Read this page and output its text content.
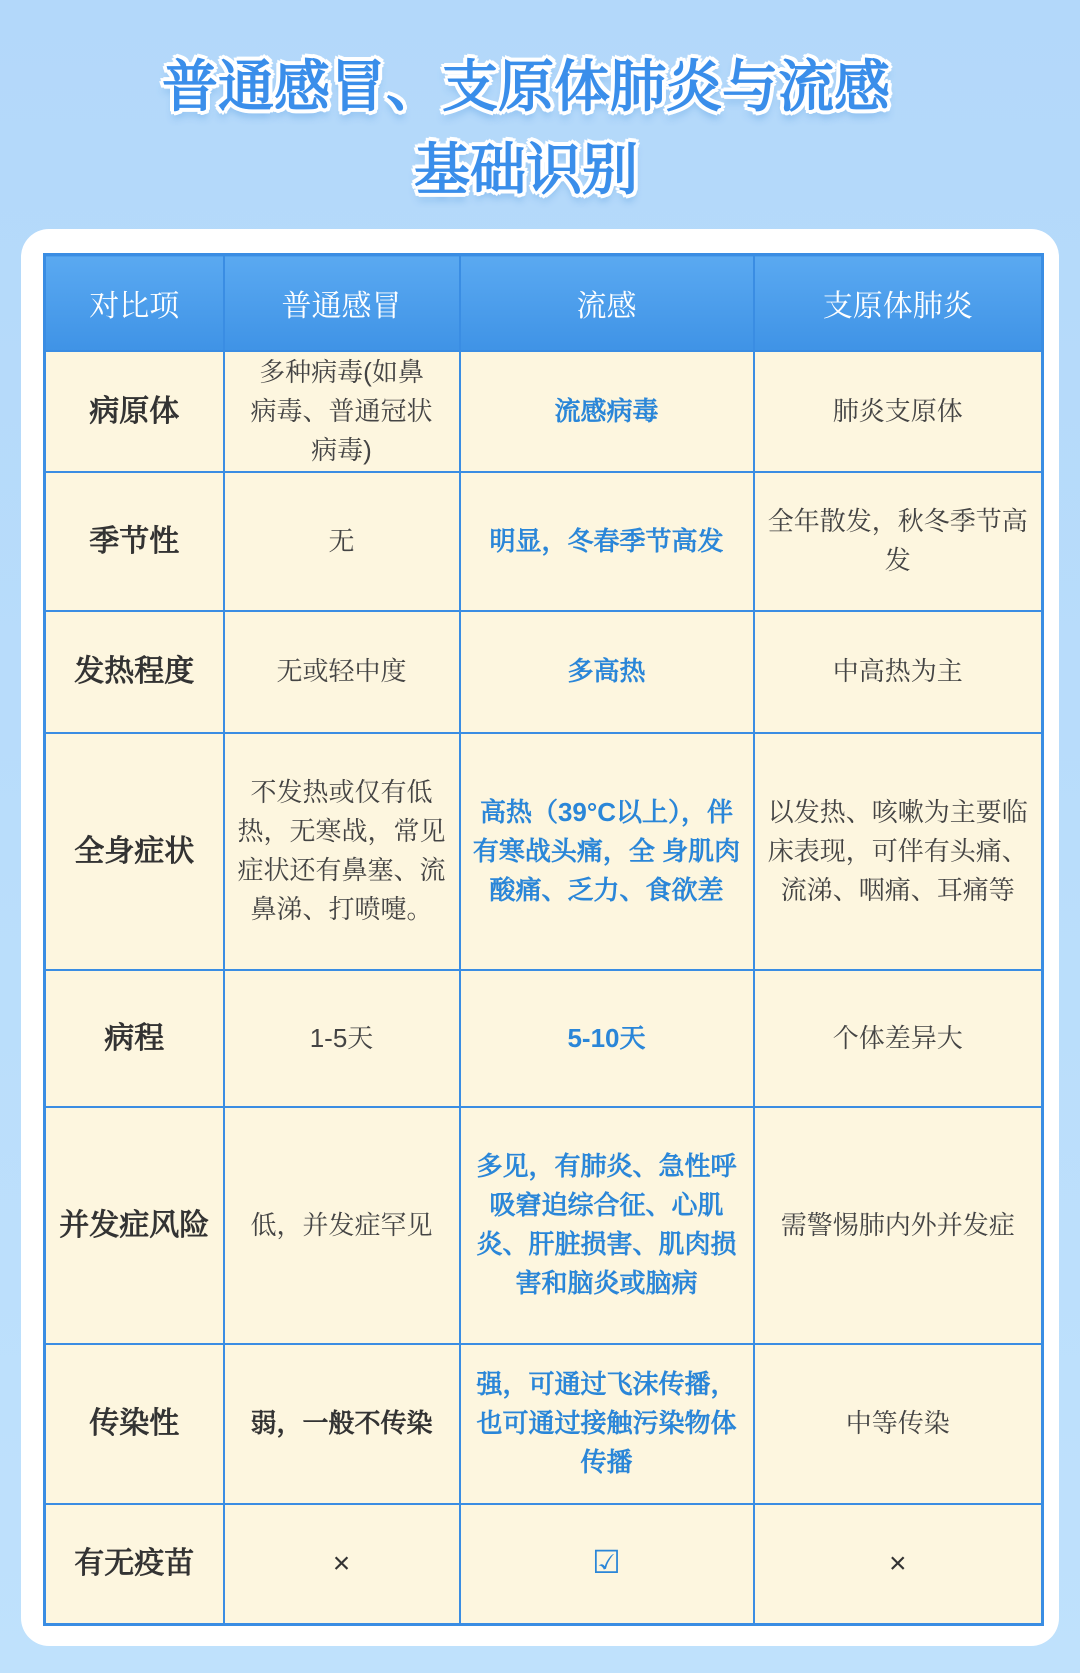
普通感冒、支原体肺炎与流感
基础识别
对比项	普通感冒	流感	支原体肺炎
病原体	多种病毒(如鼻病毒、普通冠状病毒)	流感病毒	肺炎支原体
季节性	无	明显，冬春季节高发	全年散发，秋冬季节高发
发热程度	无或轻中度	多高热	中高热为主
全身症状	不发热或仅有低热，无寒战，常见症状还有鼻塞、流鼻涕、打喷嚏。	高热（39°C以上），伴有寒战头痛，全 身肌肉酸痛、乏力、食欲差	以发热、咳嗽为主要临床表现，可伴有头痛、流涕、咽痛、耳痛等
病程	1-5天	5-10天	个体差异大
并发症风险	低，并发症罕见	多见，有肺炎、急性呼吸窘迫综合征、心肌炎、肝脏损害、肌肉损害和脑炎或脑病	需警惕肺内外并发症
传染性	弱，一般不传染	强，可通过飞沫传播，也可通过接触污染物体传播	中等传染
有无疫苗	×	☑	×
